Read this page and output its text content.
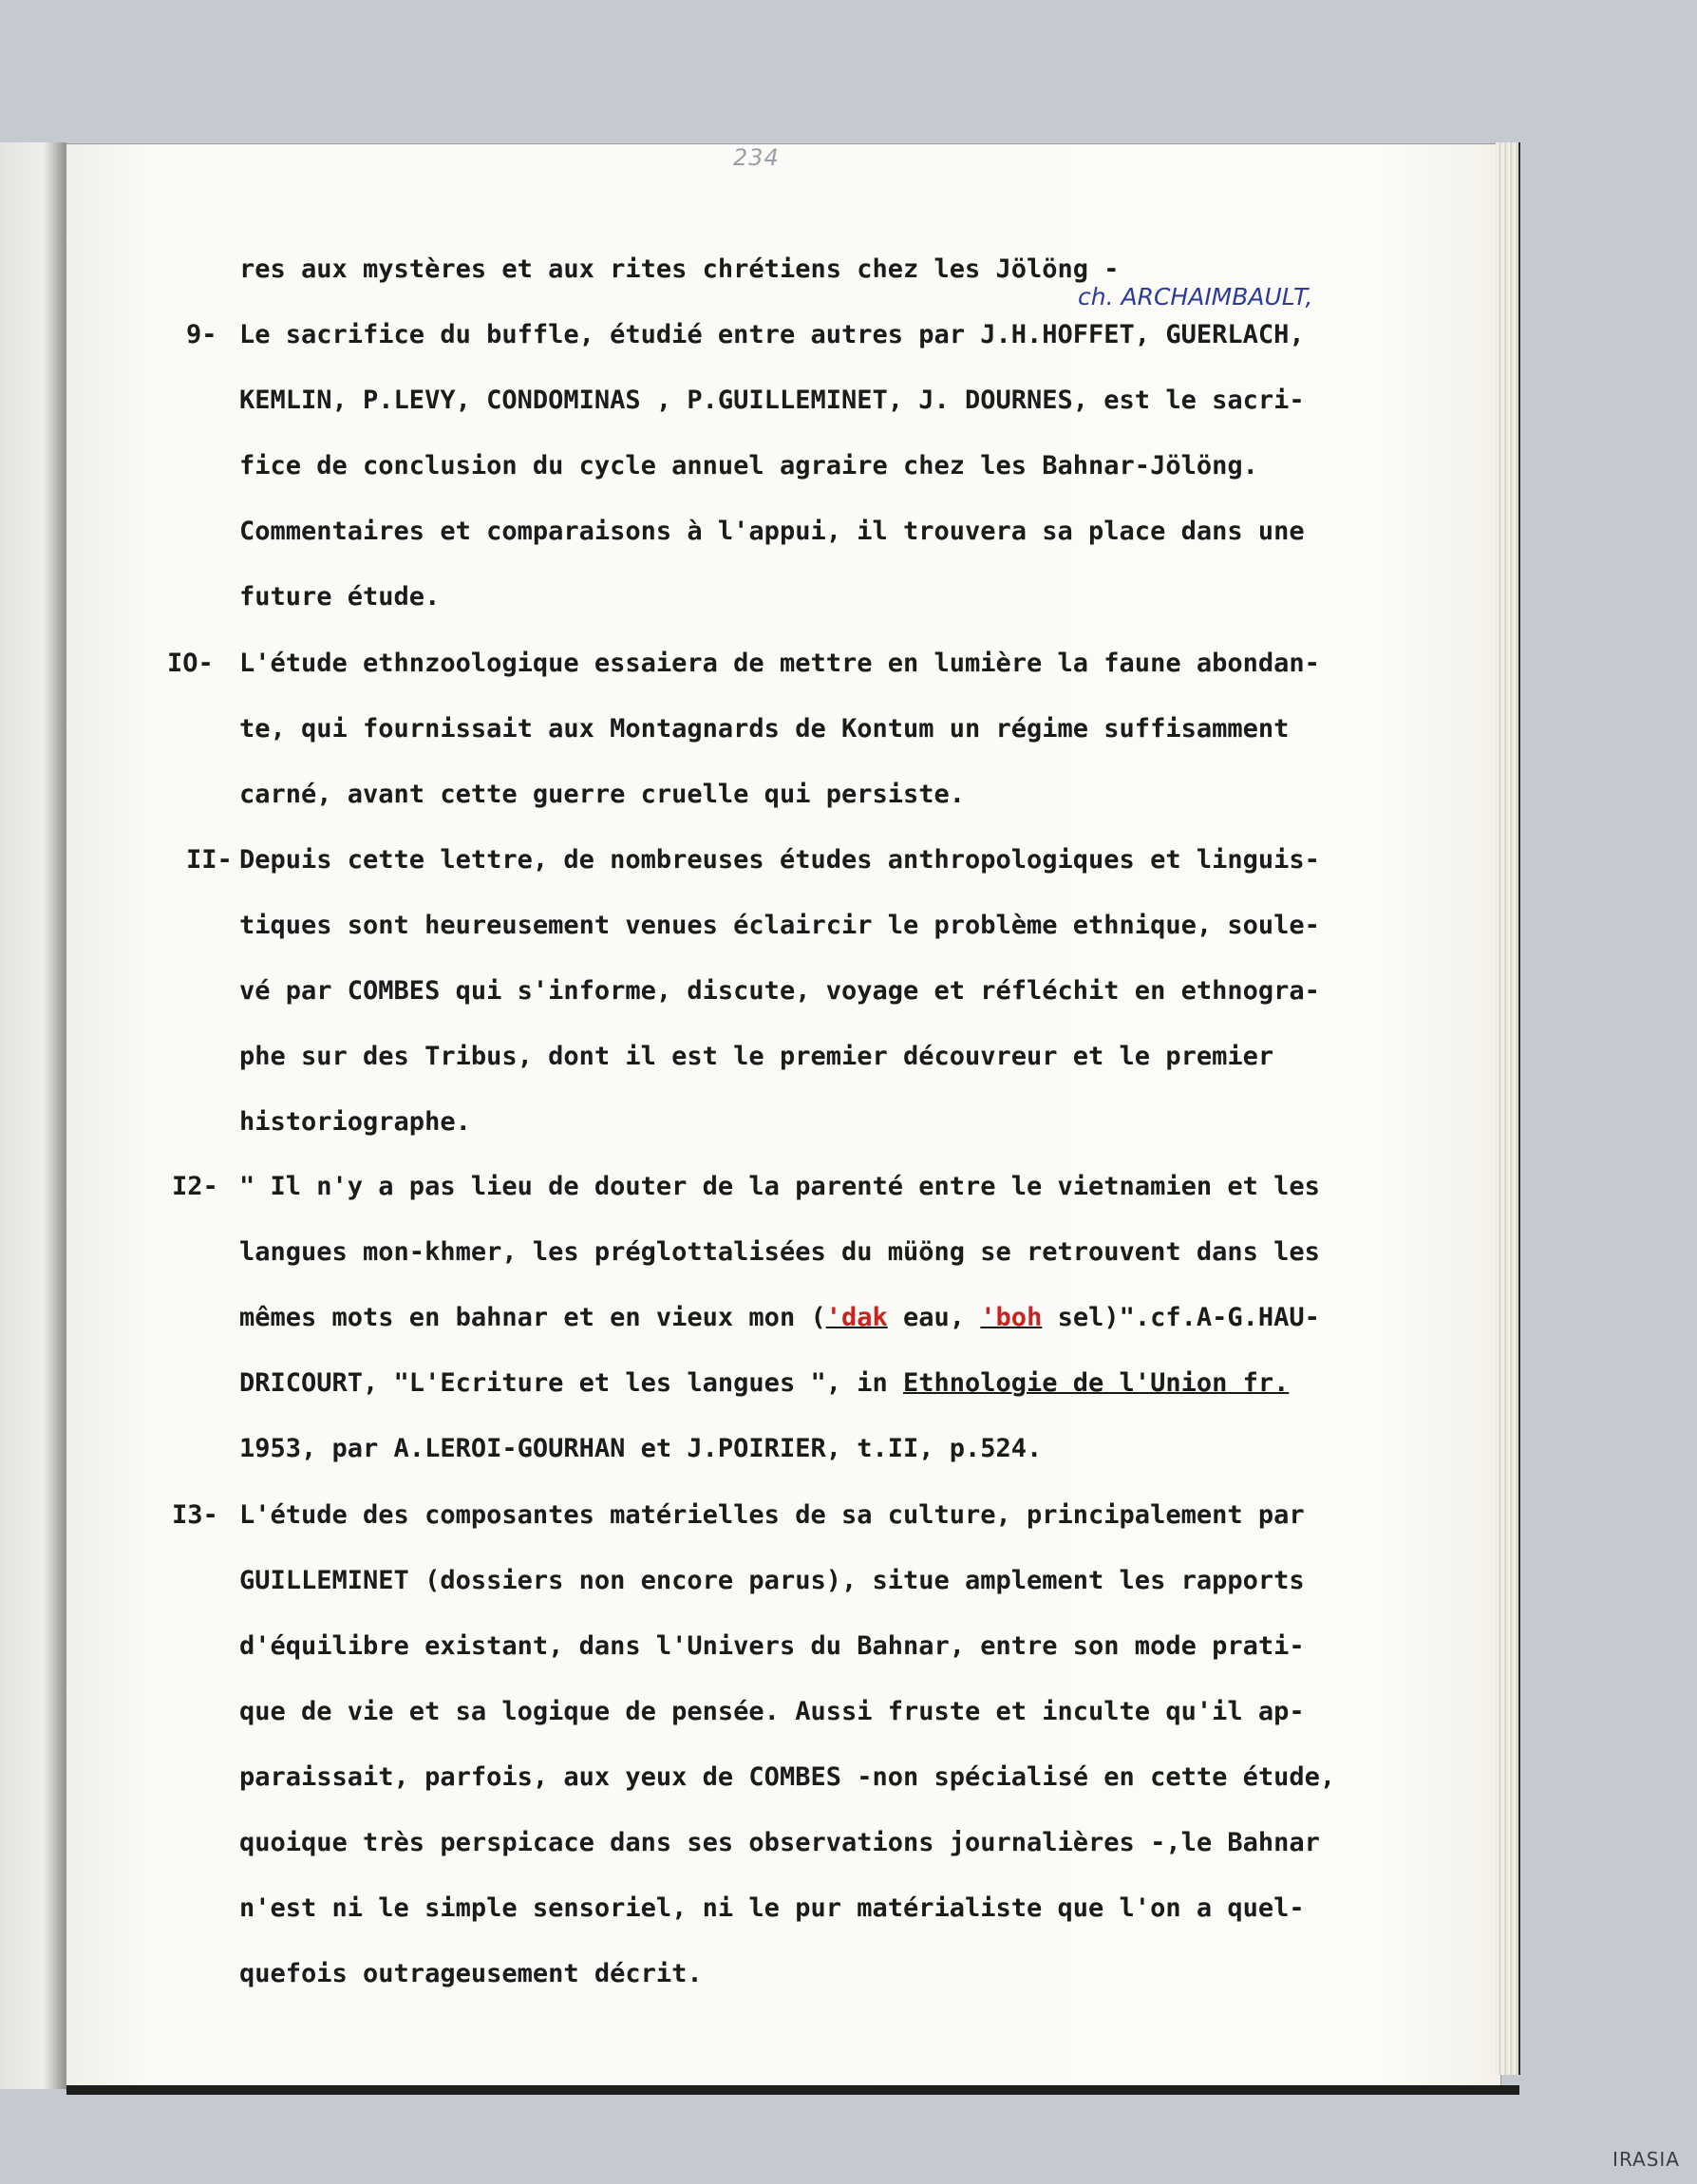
234
ch. ARCHAIMBAULT,
9-
IO-
II-
I2-
I3-

res aux mystères et aux rites chrétiens chez les Jölöng -

Le sacrifice du buffle, étudié entre autres par J.H.HOFFET, GUERLACH,

KEMLIN, P.LEVY, CONDOMINAS , P.GUILLEMINET, J. DOURNES, est le sacri-

fice de conclusion du cycle annuel agraire chez les Bahnar-Jölöng.

Commentaires et comparaisons à l'appui, il trouvera sa place dans une

future étude.

L'étude ethnzoologique essaiera de mettre en lumière la faune abondan-

te, qui fournissait aux Montagnards de Kontum un régime suffisamment

carné, avant cette guerre cruelle qui persiste.

Depuis cette lettre, de nombreuses études anthropologiques et linguis-

tiques sont heureusement venues éclaircir le problème ethnique, soule-

vé par COMBES qui s'informe, discute, voyage et réfléchit en ethnogra-

phe sur des Tribus, dont il est le premier découvreur et le premier

historiographe.

" Il n'y a pas lieu de douter de la parenté entre le vietnamien et les

langues mon-khmer, les préglottalisées du müöng se retrouvent dans les

mêmes mots en bahnar et en vieux mon ('dak eau, 'boh sel)".cf.A-G.HAU-

DRICOURT, "L'Ecriture et les langues ", in Ethnologie de l'Union fr.

1953, par A.LEROI-GOURHAN et J.POIRIER, t.II, p.524.

L'étude des composantes matérielles de sa culture, principalement par

GUILLEMINET (dossiers non encore parus), situe amplement les rapports

d'équilibre existant, dans l'Univers du Bahnar, entre son mode prati-

que de vie et sa logique de pensée. Aussi fruste et inculte qu'il ap-

paraissait, parfois, aux yeux de COMBES -non spécialisé en cette étude,

quoique très perspicace dans ses observations journalières -,le Bahnar

n'est ni le simple sensoriel, ni le pur matérialiste que l'on a quel-

quefois outrageusement décrit.

IRASIA
